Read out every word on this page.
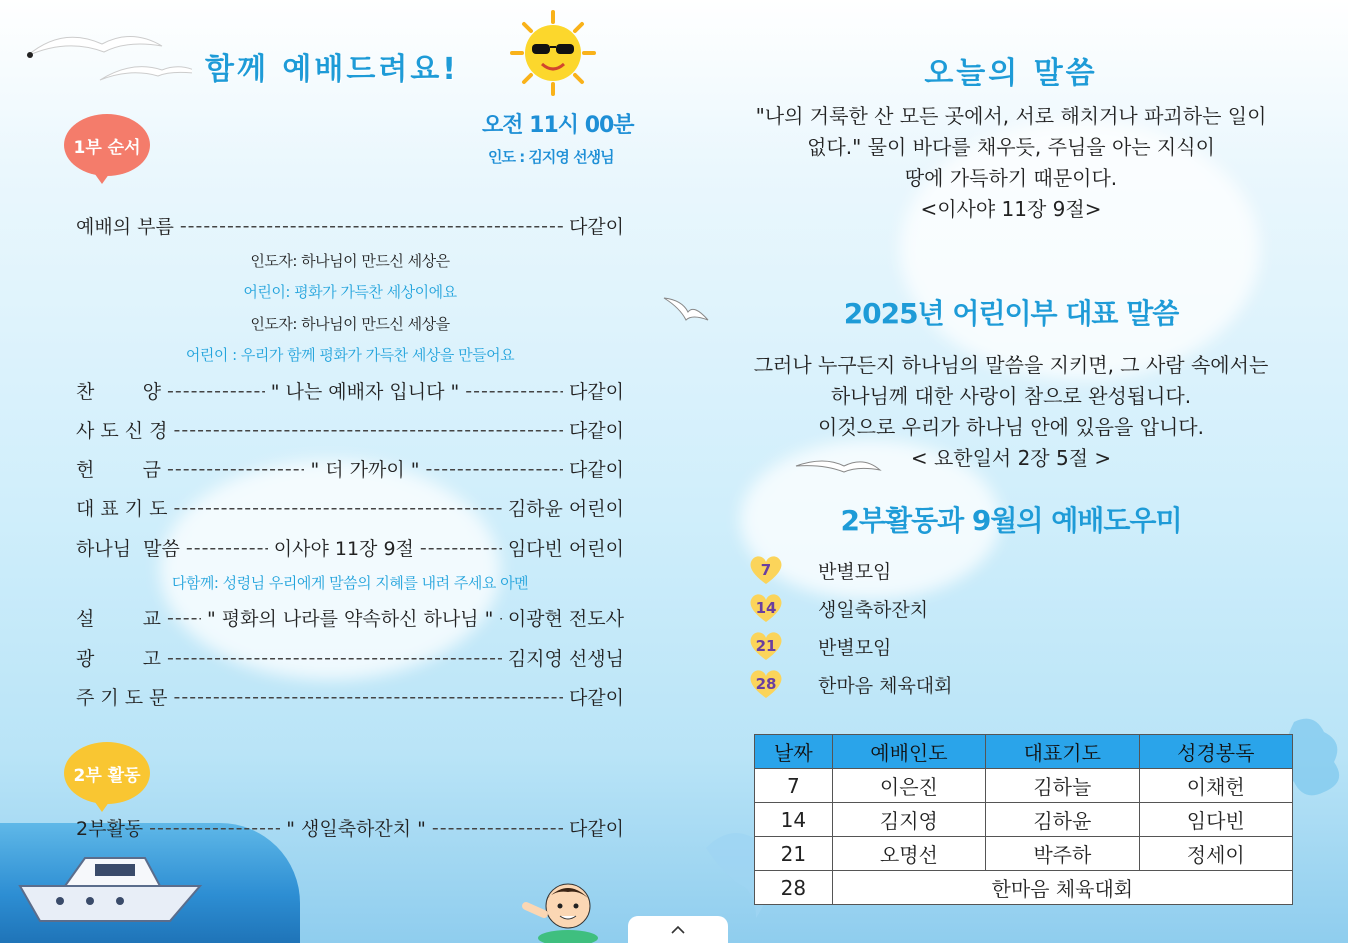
함께 예배드려요!
오전 11시 00분
인도 : 김지영 선생님
1부 순서
예배의 부름 -----	다같이
인도자: 하나님이 만드신 세상은
어린이: 평화가 가득찬 세상이에요
인도자: 하나님이 만드신 세상을
어린이 : 우리가 함께 평화가 가득찬 세상을 만들어요
찬        양 -----	" 나는 예배자 입니다 " -----	다같이
사 도 신 경 -----	다같이
헌        금 -----	" 더 가까이 " -----	다같이
대 표 기 도 -----	김하윤 어린이
하나님  말씀 -----	이사야 11장 9절 -----	임다빈 어린이
다함께: 성령님 우리에게 말씀의 지혜를 내려 주세요 아멘
설        교 ----- " 평화의 나라를 약속하신 하나님 " ----- 이광현 전도사
광        고 -----	김지영 선생님
주 기 도 문 -----	다같이
2부 활동
2부활동 -----	" 생일축하잔치 " -----	다같이
오늘의 말씀
"나의 거룩한 산 모든 곳에서, 서로 해치거나 파괴하는 일이
없다." 물이 바다를 채우듯, 주님을 아는 지식이
땅에 가득하기 때문이다.
<이사야 11장 9절>
2025년 어린이부 대표 말씀
그러나 누구든지 하나님의 말씀을 지키면, 그 사람 속에서는
하나님께 대한 사랑이 참으로 완성됩니다.
이것으로 우리가 하나님 안에 있음을 압니다.
< 요한일서 2장 5절 >
2부활동과 9월의 예배도우미
7 반별모임
14 생일축하잔치
21 반별모임
28 한마음 체육대회
날짜	예배인도	대표기도	성경봉독
7	이은진	김하늘	이채헌
14	김지영	김하윤	임다빈
21	오명선	박주하	정세이
28	한마음 체육대회		
